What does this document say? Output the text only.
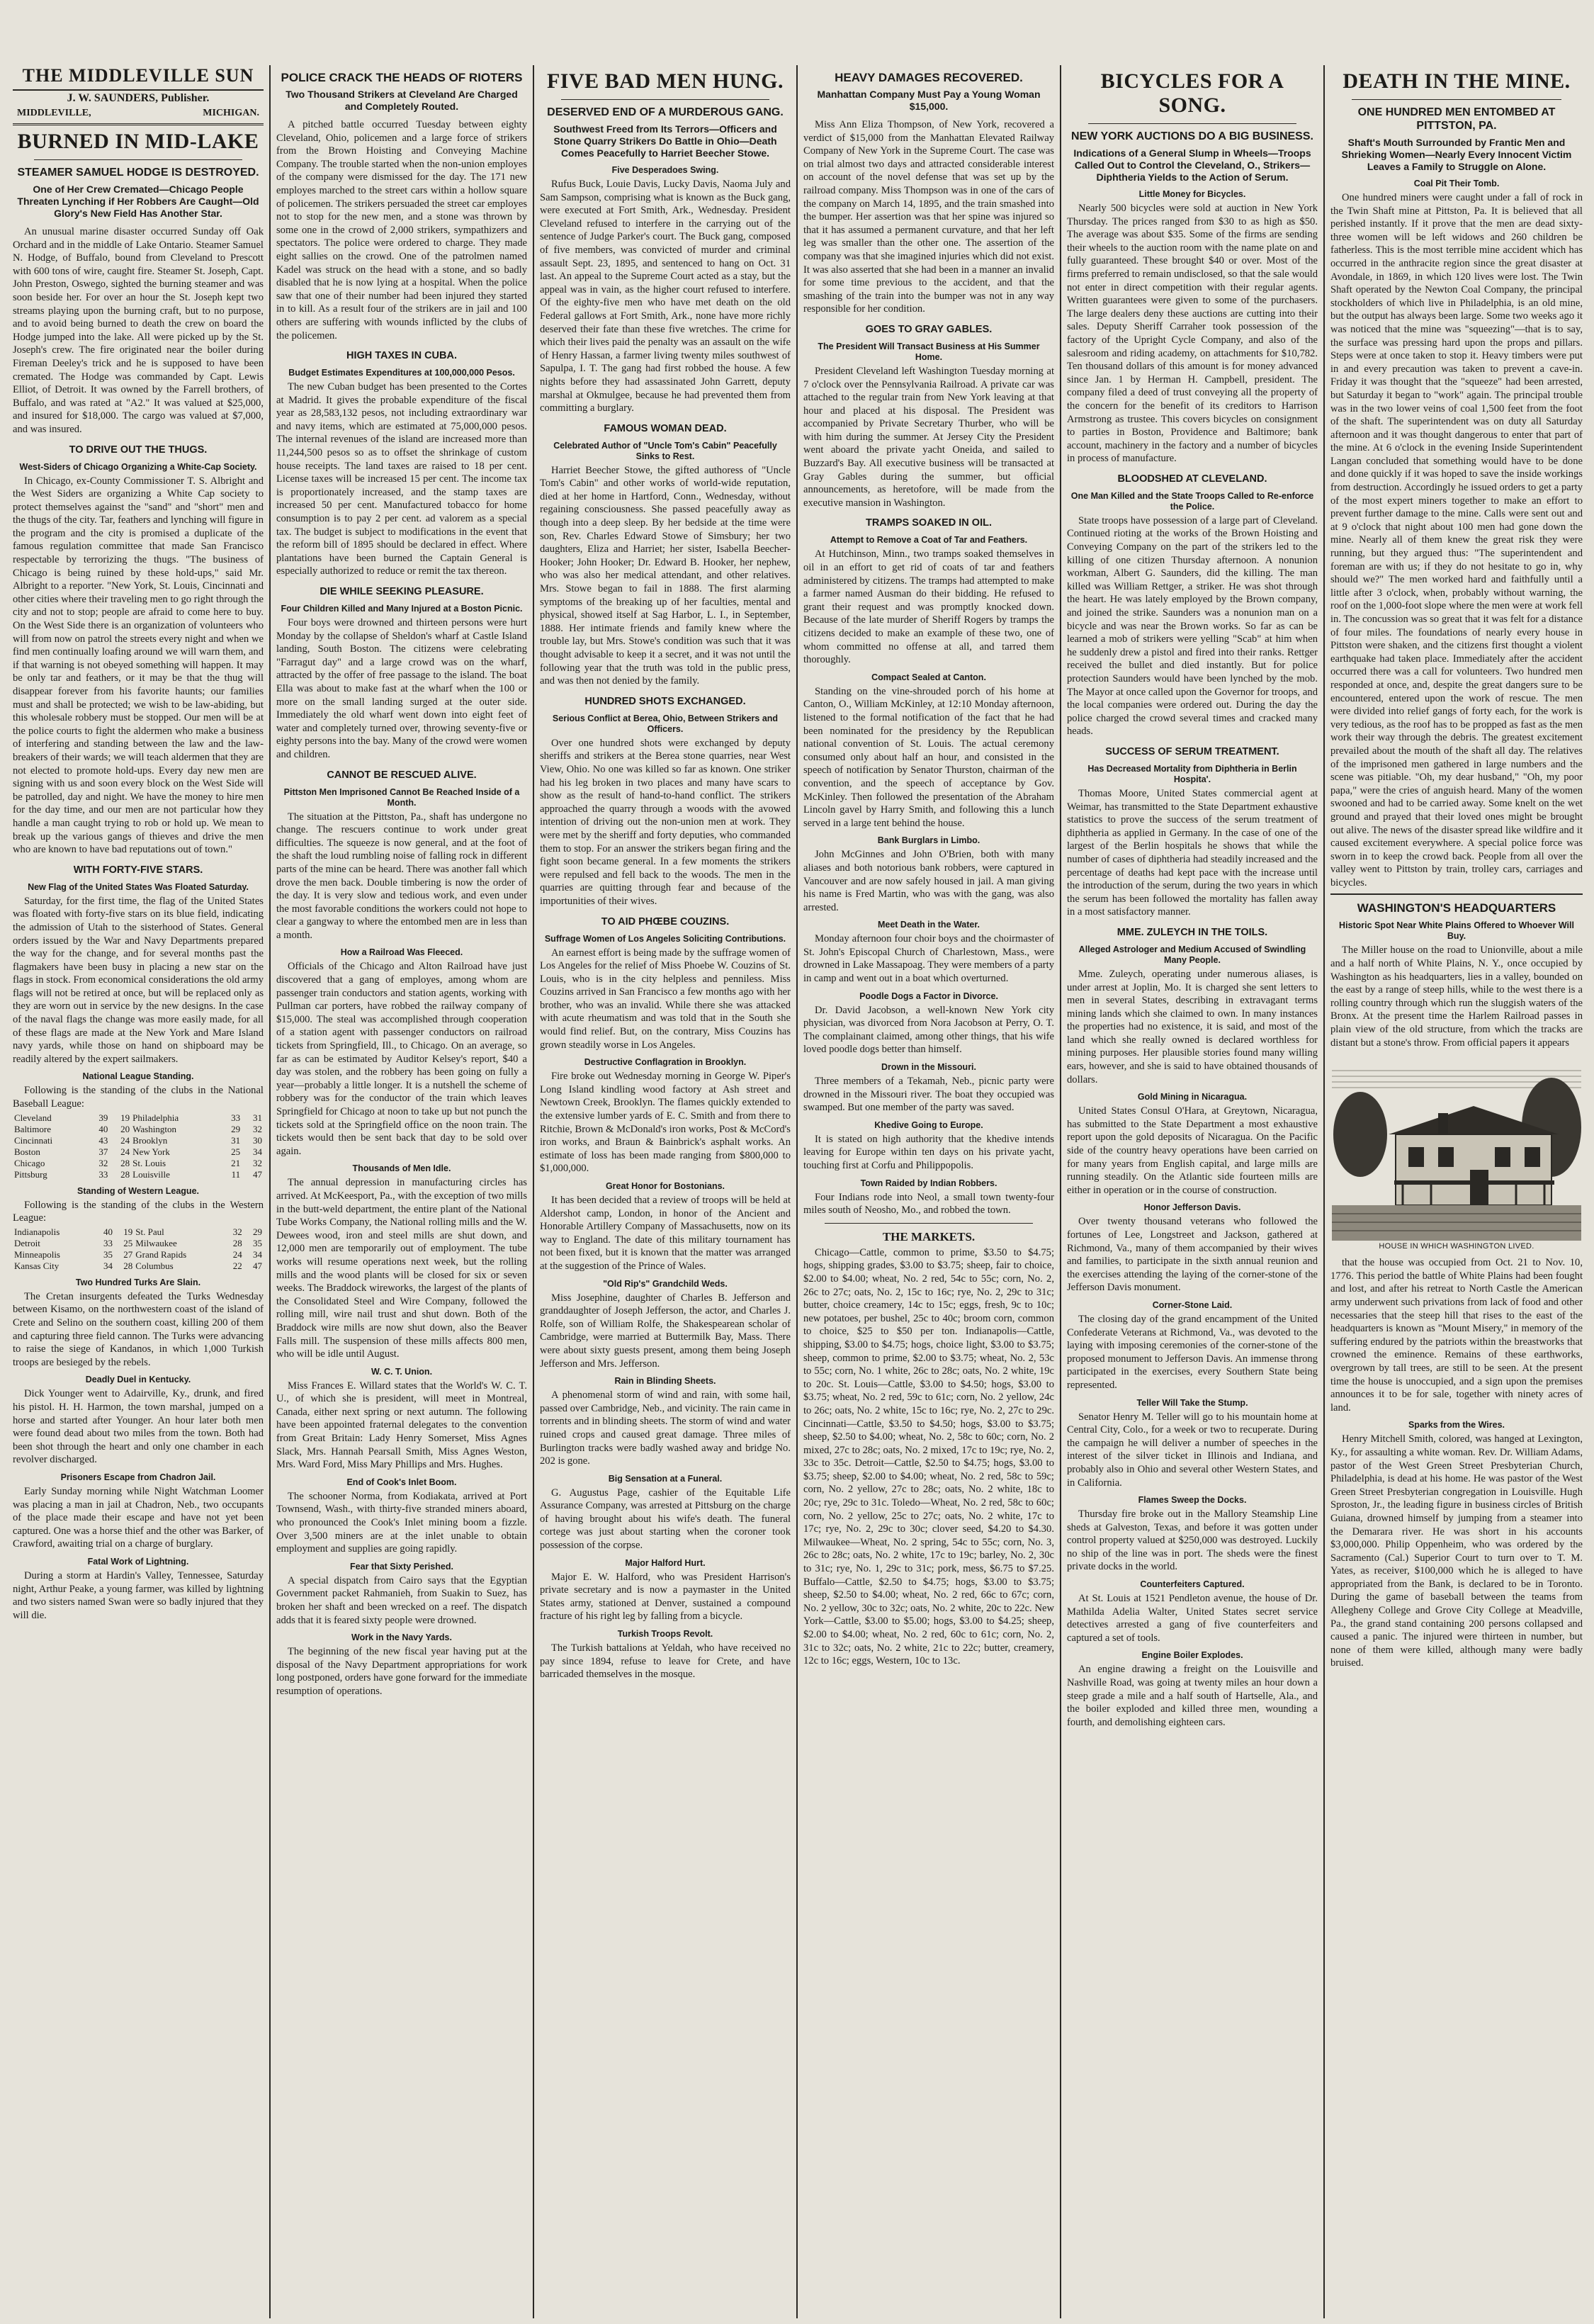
THE MIDDLEVILLE SUN
J. W. SAUNDERS, Publisher.
MIDDLEVILLE,	MICHIGAN.
BURNED IN MID-LAKE
STEAMER SAMUEL HODGE IS DESTROYED.

One of Her Crew Cremated—Chicago People Threaten Lynching if Her Robbers Are Caught—Old Glory's New Field Has Another Star.

An unusual marine disaster occurred Sunday off Oak Orchard and in the middle of Lake Ontario. Steamer Samuel N. Hodge, of Buffalo, bound from Cleveland to Prescott with 600 tons of wire, caught fire. Steamer St. Joseph, Capt. John Preston, Oswego, sighted the burning steamer and was soon beside her. For over an hour the St. Joseph kept two streams playing upon the burning craft, but to no purpose, and to avoid being burned to death the crew on board the Hodge jumped into the lake. All were picked up by the St. Joseph's crew. The fire originated near the boiler during Fireman Deeley's trick and he is supposed to have been cremated. The Hodge was commanded by Capt. Lewis Elliot, of Detroit. It was owned by the Farrell brothers, of Buffalo, and was rated at "A2." It was valued at $25,000, and insured for $18,000. The cargo was valued at $7,000, and was insured.

TO DRIVE OUT THE THUGS.
West-Siders of Chicago Organizing a White-Cap Society.

In Chicago, ex-County Commissioner T. S. Albright and the West Siders are organizing a White Cap society to protect themselves against the "sand" and "short" men and the thugs of the city. Tar, feathers and lynching will figure in the program and the city is promised a duplicate of the famous regulation committee that made San Francisco respectable by terrorizing the thugs. "The business of Chicago is being ruined by these hold-ups," said Mr. Albright to a reporter. "New York, St. Louis, Cincinnati and other cities where their traveling men to go right through the city and not to stop; people are afraid to come here to buy. On the West Side there is an organization of volunteers who will from now on patrol the streets every night and when we find men continually loafing around we will warn them, and if that warning is not obeyed something will happen. It may be only tar and feathers, or it may be that the thug will disappear forever from his favorite haunts; our families must and shall be protected; we wish to be law-abiding, but this wholesale robbery must be stopped. Our men will be at the police courts to fight the aldermen who make a business of interfering and standing between the law and the law-breakers of their wards; we will teach aldermen that they are not elected to promote hold-ups. Every day new men are signing with us and soon every block on the West Side will be patrolled, day and night. We have the money to hire men for the day time, and our men are not particular how they handle a man caught trying to rob or hold up. We mean to break up the various gangs of thieves and drive the men who are known to have bad reputations out of town."

WITH FORTY-FIVE STARS.
New Flag of the United States Was Floated Saturday.

Saturday, for the first time, the flag of the United States was floated with forty-five stars on its blue field, indicating the admission of Utah to the sisterhood of States. General orders issued by the War and Navy Departments prepared the way for the change, and for several months past the flagmakers have been busy in placing a new star on the flags in stock. From economical considerations the old army flags will not be retired at once, but will be replaced only as they are worn out in service by the new designs. In the case of the naval flags the change was more easily made, for all of these flags are made at the New York and Mare Island navy yards, while those on hand on shipboard may be readily altered by the expert sailmakers.

National League Standing.

Following is the standing of the clubs in the National Baseball League:

Cleveland	39	19	Philadelphia	33	31
Baltimore	40	20	Washington	29	32
Cincinnati	43	24	Brooklyn	31	30
Boston	37	24	New York	25	34
Chicago	32	28	St. Louis	21	32
Pittsburg	33	28	Louisville	11	47
Standing of Western League.

Following is the standing of the clubs in the Western League:

Indianapolis	40	19	St. Paul	32	29
Detroit	33	25	Milwaukee	28	35
Minneapolis	35	27	Grand Rapids	24	34
Kansas City	34	28	Columbus	22	47
Two Hundred Turks Are Slain.

The Cretan insurgents defeated the Turks Wednesday between Kisamo, on the northwestern coast of the island of Crete and Selino on the southern coast, killing 200 of them and capturing three field cannon. The Turks were advancing to raise the siege of Kandanos, in which 1,000 Turkish troops are besieged by the rebels.

Deadly Duel in Kentucky.

Dick Younger went to Adairville, Ky., drunk, and fired his pistol. H. H. Harmon, the town marshal, jumped on a horse and started after Younger. An hour later both men were found dead about two miles from the town. Both had been shot through the heart and only one chamber in each revolver discharged.

Prisoners Escape from Chadron Jail.

Early Sunday morning while Night Watchman Loomer was placing a man in jail at Chadron, Neb., two occupants of the place made their escape and have not yet been captured. One was a horse thief and the other was Barker, of Crawford, awaiting trial on a charge of burglary.

Fatal Work of Lightning.

During a storm at Hardin's Valley, Tennessee, Saturday night, Arthur Peake, a young farmer, was killed by lightning and two sisters named Swan were so badly injured that they will die.

POLICE CRACK THE HEADS OF RIOTERS

Two Thousand Strikers at Cleveland Are Charged and Completely Routed.

A pitched battle occurred Tuesday between eighty Cleveland, Ohio, policemen and a large force of strikers from the Brown Hoisting and Conveying Machine Company. The trouble started when the non-union employes of the company were dismissed for the day. The 171 new employes marched to the street cars within a hollow square of policemen. The strikers persuaded the street car employes not to stop for the new men, and a stone was thrown by some one in the crowd of 2,000 strikers, sympathizers and spectators. The police were ordered to charge. They made eight sallies on the crowd. One of the patrolmen named Kadel was struck on the head with a stone, and so badly disabled that he is now lying at a hospital. When the police saw that one of their number had been injured they started in to kill. As a result four of the strikers are in jail and 100 others are suffering with wounds inflicted by the clubs of the policemen.

HIGH TAXES IN CUBA.
Budget Estimates Expenditures at 100,000,000 Pesos.

The new Cuban budget has been presented to the Cortes at Madrid. It gives the probable expenditure of the fiscal year as 28,583,132 pesos, not including extraordinary war and navy items, which are estimated at 75,000,000 pesos. The internal revenues of the island are increased more than 11,244,500 pesos so as to offset the shrinkage of custom house receipts. The land taxes are raised to 18 per cent. License taxes will be increased 15 per cent. The income tax is proportionately increased, and the stamp taxes are increased 50 per cent. Manufactured tobacco for home consumption is to pay 2 per cent. ad valorem as a special tax. The budget is subject to modifications in the event that the reform bill of 1895 should be declared in effect. Where plantations have been burned the Captain General is especially authorized to reduce or remit the tax thereon.

DIE WHILE SEEKING PLEASURE.
Four Children Killed and Many Injured at a Boston Picnic.

Four boys were drowned and thirteen persons were hurt Monday by the collapse of Sheldon's wharf at Castle Island landing, South Boston. The citizens were celebrating "Farragut day" and a large crowd was on the wharf, attracted by the offer of free passage to the island. The boat Ella was about to make fast at the wharf when the 100 or more on the small landing surged at the outer side. Immediately the old wharf went down into eight feet of water and completely turned over, throwing seventy-five or eighty persons into the bay. Many of the crowd were women and children.

CANNOT BE RESCUED ALIVE.
Pittston Men Imprisoned Cannot Be Reached Inside of a Month.

The situation at the Pittston, Pa., shaft has undergone no change. The rescuers continue to work under great difficulties. The squeeze is now general, and at the foot of the shaft the loud rumbling noise of falling rock in different parts of the mine can be heard. There was another fall which drove the men back. Double timbering is now the order of the day. It is very slow and tedious work, and even under the most favorable conditions the workers could not hope to clear a gangway to where the entombed men are in less than a month.

How a Railroad Was Fleeced.

Officials of the Chicago and Alton Railroad have just discovered that a gang of employes, among whom are passenger train conductors and station agents, working with Pullman car porters, have robbed the railway company of $15,000. The steal was accomplished through cooperation of a station agent with passenger conductors on railroad tickets from Springfield, Ill., to Chicago. On an average, so far as can be estimated by Auditor Kelsey's report, $40 a day was stolen, and the robbery has been going on fully a year—probably a little longer. It is a nutshell the scheme of robbery was for the conductor of the train which leaves Springfield for Chicago at noon to take up but not punch the tickets sold at the Springfield office on the noon train. The tickets would then be sent back that day to be sold over again.

Thousands of Men Idle.

The annual depression in manufacturing circles has arrived. At McKeesport, Pa., with the exception of two mills in the butt-weld department, the entire plant of the National Tube Works Company, the National rolling mills and the W. Dewees wood, iron and steel mills are shut down, and 12,000 men are temporarily out of employment. The tube works will resume operations next week, but the rolling mills and the wood plants will be closed for six or seven weeks. The Braddock wireworks, the largest of the plants of the Consolidated Steel and Wire Company, followed the rolling mill, wire nail trust and shut down. Both of the Braddock wire mills are now shut down, also the Beaver Falls mill. The suspension of these mills affects 800 men, who will be idle until August.

W. C. T. Union.

Miss Frances E. Willard states that the World's W. C. T. U., of which she is president, will meet in Montreal, Canada, either next spring or next autumn. The following have been appointed fraternal delegates to the convention from Great Britain: Lady Henry Somerset, Miss Agnes Slack, Mrs. Hannah Pearsall Smith, Miss Agnes Weston, Mrs. Ward Ford, Miss Mary Phillips and Mrs. Hughes.

End of Cook's Inlet Boom.

The schooner Norma, from Kodiakata, arrived at Port Townsend, Wash., with thirty-five stranded miners aboard, who pronounced the Cook's Inlet mining boom a fizzle. Over 3,500 miners are at the inlet unable to obtain employment and supplies are going rapidly.

Fear that Sixty Perished.

A special dispatch from Cairo says that the Egyptian Government packet Rahmanieh, from Suakin to Suez, has broken her shaft and been wrecked on a reef. The dispatch adds that it is feared sixty people were drowned.

Work in the Navy Yards.

The beginning of the new fiscal year having put at the disposal of the Navy Department appropriations for work long postponed, orders have gone forward for the immediate resumption of operations.

FIVE BAD MEN HUNG.
DESERVED END OF A MURDEROUS GANG.

Southwest Freed from Its Terrors—Officers and Stone Quarry Strikers Do Battle in Ohio—Death Comes Peacefully to Harriet Beecher Stowe.

Five Desperadoes Swing.

Rufus Buck, Louie Davis, Lucky Davis, Naoma July and Sam Sampson, comprising what is known as the Buck gang, were executed at Fort Smith, Ark., Wednesday. President Cleveland refused to interfere in the carrying out of the sentence of Judge Parker's court. The Buck gang, composed of five members, was convicted of murder and criminal assault Sept. 23, 1895, and sentenced to hang on Oct. 31 last. An appeal to the Supreme Court acted as a stay, but the appeal was in vain, as the higher court refused to interfere. Of the eighty-five men who have met death on the old Federal gallows at Fort Smith, Ark., none have more richly deserved their fate than these five wretches. The crime for which their lives paid the penalty was an assault on the wife of Henry Hassan, a farmer living twenty miles southwest of Sapulpa, I. T. The gang had first robbed the house. A few nights before they had assassinated John Garrett, deputy marshal at Okmulgee, because he had prevented them from committing a burglary.

FAMOUS WOMAN DEAD.
Celebrated Author of "Uncle Tom's Cabin" Peacefully Sinks to Rest.

Harriet Beecher Stowe, the gifted authoress of "Uncle Tom's Cabin" and other works of world-wide reputation, died at her home in Hartford, Conn., Wednesday, without regaining consciousness. She passed peacefully away as though into a deep sleep. By her bedside at the time were son, Rev. Charles Edward Stowe of Simsbury; her two daughters, Eliza and Harriet; her sister, Isabella Beecher-Hooker; John Hooker; Dr. Edward B. Hooker, her nephew, who was also her medical attendant, and other relatives. Mrs. Stowe began to fail in 1888. The first alarming symptoms of the breaking up of her faculties, mental and physical, showed itself at Sag Harbor, L. I., in September, 1888. Her intimate friends and family knew where the trouble lay, but Mrs. Stowe's condition was such that it was thought advisable to keep it a secret, and it was not until the following year that the truth was told in the public press, and was then not denied by the family.

HUNDRED SHOTS EXCHANGED.
Serious Conflict at Berea, Ohio, Between Strikers and Officers.

Over one hundred shots were exchanged by deputy sheriffs and strikers at the Berea stone quarries, near West View, Ohio. No one was killed so far as known. One striker had his leg broken in two places and many have scars to show as the result of hand-to-hand conflict. The strikers approached the quarry through a woods with the avowed intention of driving out the non-union men at work. They were met by the sheriff and forty deputies, who commanded them to stop. For an answer the strikers began firing and the fight soon became general. In a few moments the strikers were repulsed and fell back to the woods. The men in the quarries are quitting through fear and because of the importunities of their wives.

TO AID PHŒBE COUZINS.
Suffrage Women of Los Angeles Soliciting Contributions.

An earnest effort is being made by the suffrage women of Los Angeles for the relief of Miss Phoebe W. Couzins of St. Louis, who is in the city helpless and penniless. Miss Couzins arrived in San Francisco a few months ago with her brother, who was an invalid. While there she was attacked with acute rheumatism and was told that in the South she would find relief. But, on the contrary, Miss Couzins has grown steadily worse in Los Angeles.

Destructive Conflagration in Brooklyn.

Fire broke out Wednesday morning in George W. Piper's Long Island kindling wood factory at Ash street and Newtown Creek, Brooklyn. The flames quickly extended to the extensive lumber yards of E. C. Smith and from there to Ritchie, Brown & McDonald's iron works, Post & McCord's iron works, and Braun & Bainbrick's asphalt works. An estimate of loss has been made ranging from $800,000 to $1,000,000.

Great Honor for Bostonians.

It has been decided that a review of troops will be held at Aldershot camp, London, in honor of the Ancient and Honorable Artillery Company of Massachusetts, now on its way to England. The date of this military tournament has not been fixed, but it is known that the matter was arranged at the suggestion of the Prince of Wales.

"Old Rip's" Grandchild Weds.

Miss Josephine, daughter of Charles B. Jefferson and granddaughter of Joseph Jefferson, the actor, and Charles J. Rolfe, son of William Rolfe, the Shakespearean scholar of Cambridge, were married at Buttermilk Bay, Mass. There were about sixty guests present, among them being Joseph Jefferson and Mrs. Jefferson.

Rain in Blinding Sheets.

A phenomenal storm of wind and rain, with some hail, passed over Cambridge, Neb., and vicinity. The rain came in torrents and in blinding sheets. The storm of wind and water ruined crops and caused great damage. Three miles of Burlington tracks were badly washed away and bridge No. 202 is gone.

Big Sensation at a Funeral.

G. Augustus Page, cashier of the Equitable Life Assurance Company, was arrested at Pittsburg on the charge of having brought about his wife's death. The funeral cortege was just about starting when the coroner took possession of the corpse.

Major Halford Hurt.

Major E. W. Halford, who was President Harrison's private secretary and is now a paymaster in the United States army, stationed at Denver, sustained a compound fracture of his right leg by falling from a bicycle.

Turkish Troops Revolt.

The Turkish battalions at Yeldah, who have received no pay since 1894, refuse to leave for Crete, and have barricaded themselves in the mosque.

HEAVY DAMAGES RECOVERED.

Manhattan Company Must Pay a Young Woman $15,000.

Miss Ann Eliza Thompson, of New York, recovered a verdict of $15,000 from the Manhattan Elevated Railway Company of New York in the Supreme Court. The case was on trial almost two days and attracted considerable interest on account of the novel defense that was set up by the railroad company. Miss Thompson was in one of the cars of the company on March 14, 1895, and the train smashed into the bumper. Her assertion was that her spine was injured so that it has assumed a permanent curvature, and that her left leg was smaller than the other one. The assertion of the company was that she imagined injuries which did not exist. It was also asserted that she had been in a manner an invalid for some time previous to the accident, and that the smashing of the train into the bumper was not in any way responsible for her condition.

GOES TO GRAY GABLES.
The President Will Transact Business at His Summer Home.

President Cleveland left Washington Tuesday morning at 7 o'clock over the Pennsylvania Railroad. A private car was attached to the regular train from New York leaving at that hour and placed at his disposal. The President was accompanied by Private Secretary Thurber, who will be with him during the summer. At Jersey City the President went aboard the private yacht Oneida, and sailed to Buzzard's Bay. All executive business will be transacted at Gray Gables during the summer, but official announcements, as heretofore, will be made from the executive mansion in Washington.

TRAMPS SOAKED IN OIL.
Attempt to Remove a Coat of Tar and Feathers.

At Hutchinson, Minn., two tramps soaked themselves in oil in an effort to get rid of coats of tar and feathers administered by citizens. The tramps had attempted to make a farmer named Ausman do their bidding. He refused to grant their request and was promptly knocked down. Because of the late murder of Sheriff Rogers by tramps the citizens decided to make an example of these two, one of whom committed no offense at all, and tarred them thoroughly.

Compact Sealed at Canton.

Standing on the vine-shrouded porch of his home at Canton, O., William McKinley, at 12:10 Monday afternoon, listened to the formal notification of the fact that he had been nominated for the presidency by the Republican national convention of St. Louis. The actual ceremony consumed only about half an hour, and consisted in the speech of notification by Senator Thurston, chairman of the convention, and the speech of acceptance by Gov. McKinley. Then followed the presentation of the Abraham Lincoln gavel by Harry Smith, and following this a lunch served in a large tent behind the house.

Bank Burglars in Limbo.

John McGinnes and John O'Brien, both with many aliases and both notorious bank robbers, were captured in Vancouver and are now safely housed in jail. A man giving his name is Fred Martin, who was with the gang, was also arrested.

Meet Death in the Water.

Monday afternoon four choir boys and the choirmaster of St. John's Episcopal Church of Charlestown, Mass., were drowned in Lake Massapoag. They were members of a party in camp and went out in a boat which overturned.

Poodle Dogs a Factor in Divorce.

Dr. David Jacobson, a well-known New York city physician, was divorced from Nora Jacobson at Perry, O. T. The complainant claimed, among other things, that his wife loved poodle dogs better than himself.

Drown in the Missouri.

Three members of a Tekamah, Neb., picnic party were drowned in the Missouri river. The boat they occupied was swamped. But one member of the party was saved.

Khedive Going to Europe.

It is stated on high authority that the khedive intends leaving for Europe within ten days on his private yacht, touching first at Corfu and Philippopolis.

Town Raided by Indian Robbers.

Four Indians rode into Neol, a small town twenty-four miles south of Neosho, Mo., and robbed the town.

THE MARKETS.

Chicago—Cattle, common to prime, $3.50 to $4.75; hogs, shipping grades, $3.00 to $3.75; sheep, fair to choice, $2.00 to $4.00; wheat, No. 2 red, 54c to 55c; corn, No. 2, 26c to 27c; oats, No. 2, 15c to 16c; rye, No. 2, 29c to 31c; butter, choice creamery, 14c to 15c; eggs, fresh, 9c to 10c; new potatoes, per bushel, 25c to 40c; broom corn, common to choice, $25 to $50 per ton. Indianapolis—Cattle, shipping, $3.00 to $4.75; hogs, choice light, $3.00 to $3.75; sheep, common to prime, $2.00 to $3.75; wheat, No. 2, 53c to 55c; corn, No. 1 white, 26c to 28c; oats, No. 2 white, 19c to 20c. St. Louis—Cattle, $3.00 to $4.50; hogs, $3.00 to $3.75; wheat, No. 2 red, 59c to 61c; corn, No. 2 yellow, 24c to 26c; oats, No. 2 white, 15c to 16c; rye, No. 2, 27c to 29c. Cincinnati—Cattle, $3.50 to $4.50; hogs, $3.00 to $3.75; sheep, $2.50 to $4.00; wheat, No. 2, 58c to 60c; corn, No. 2 mixed, 27c to 28c; oats, No. 2 mixed, 17c to 19c; rye, No. 2, 33c to 35c. Detroit—Cattle, $2.50 to $4.75; hogs, $3.00 to $3.75; sheep, $2.00 to $4.00; wheat, No. 2 red, 58c to 59c; corn, No. 2 yellow, 27c to 28c; oats, No. 2 white, 18c to 20c; rye, 29c to 31c. Toledo—Wheat, No. 2 red, 58c to 60c; corn, No. 2 yellow, 25c to 27c; oats, No. 2 white, 17c to 17c; rye, No. 2, 29c to 30c; clover seed, $4.20 to $4.30. Milwaukee—Wheat, No. 2 spring, 54c to 55c; corn, No. 3, 26c to 28c; oats, No. 2 white, 17c to 19c; barley, No. 2, 30c to 31c; rye, No. 1, 29c to 31c; pork, mess, $6.75 to $7.25. Buffalo—Cattle, $2.50 to $4.75; hogs, $3.00 to $3.75; sheep, $2.50 to $4.00; wheat, No. 2 red, 66c to 67c; corn, No. 2 yellow, 30c to 32c; oats, No. 2 white, 20c to 22c. New York—Cattle, $3.00 to $5.00; hogs, $3.00 to $4.25; sheep, $2.00 to $4.00; wheat, No. 2 red, 60c to 61c; corn, No. 2, 31c to 32c; oats, No. 2 white, 21c to 22c; butter, creamery, 12c to 16c; eggs, Western, 10c to 13c.

BICYCLES FOR A SONG.
NEW YORK AUCTIONS DO A BIG BUSINESS.

Indications of a General Slump in Wheels—Troops Called Out to Control the Cleveland, O., Strikers—Diphtheria Yields to the Action of Serum.

Little Money for Bicycles.

Nearly 500 bicycles were sold at auction in New York Thursday. The prices ranged from $30 to as high as $50. The average was about $35. Some of the firms are sending their wheels to the auction room with the name plate on and fully guaranteed. These brought $40 or over. Most of the firms preferred to remain undisclosed, so that the sale would not enter in direct competition with their regular agents. Written guarantees were given to some of the purchasers. The large dealers deny these auctions are cutting into their sales. Deputy Sheriff Carraher took possession of the factory of the Upright Cycle Company, and also of the salesroom and riding academy, on attachments for $10,782. Ten thousand dollars of this amount is for money advanced since Jan. 1 by Herman H. Campbell, president. The company filed a deed of trust conveying all the property of the concern for the benefit of its creditors to Harrison Armstrong as trustee. This covers bicycles on consignment to parties in Boston, Providence and Baltimore; bank account, machinery in the factory and a number of bicycles in process of manufacture.

BLOODSHED AT CLEVELAND.
One Man Killed and the State Troops Called to Re-enforce the Police.

State troops have possession of a large part of Cleveland. Continued rioting at the works of the Brown Hoisting and Conveying Company on the part of the strikers led to the killing of one citizen Thursday afternoon. A nonunion workman, Albert G. Saunders, did the killing. The man killed was William Rettger, a striker. He was shot through the heart. He was lately employed by the Brown company, and joined the strike. Saunders was a nonunion man on a bicycle and was near the Brown works. So far as can be learned a mob of strikers were yelling "Scab" at him when he suddenly drew a pistol and fired into their ranks. Rettger received the bullet and died instantly. But for police protection Saunders would have been lynched by the mob. The Mayor at once called upon the Governor for troops, and the local companies were ordered out. During the day the police charged the crowd several times and cracked many heads.

SUCCESS OF SERUM TREATMENT.
Has Decreased Mortality from Diphtheria in Berlin Hospita'.

Thomas Moore, United States commercial agent at Weimar, has transmitted to the State Department exhaustive statistics to prove the success of the serum treatment of diphtheria as applied in Germany. In the case of one of the largest of the Berlin hospitals he shows that while the number of cases of diphtheria had steadily increased and the percentage of deaths had kept pace with the increase until the introduction of the serum, during the two years in which the serum has been followed the mortality has fallen away in a most satisfactory manner.

MME. ZULEYCH IN THE TOILS.
Alleged Astrologer and Medium Accused of Swindling Many People.

Mme. Zuleych, operating under numerous aliases, is under arrest at Joplin, Mo. It is charged she sent letters to men in several States, describing in extravagant terms mining lands which she claimed to own. In many instances the properties had no existence, it is said, and most of the land which she really owned is declared worthless for mining purposes. Her plausible stories found many willing ears, however, and she is said to have obtained thousands of dollars.

Gold Mining in Nicaragua.

United States Consul O'Hara, at Greytown, Nicaragua, has submitted to the State Department a most exhaustive report upon the gold deposits of Nicaragua. On the Pacific side of the country heavy operations have been carried on for many years from English capital, and large mills are running steadily. On the Atlantic side fourteen mills are either in operation or in the course of construction.

Honor Jefferson Davis.

Over twenty thousand veterans who followed the fortunes of Lee, Longstreet and Jackson, gathered at Richmond, Va., many of them accompanied by their wives and families, to participate in the sixth annual reunion and the exercises attending the laying of the corner-stone of the Jefferson Davis monument.

Corner-Stone Laid.

The closing day of the grand encampment of the United Confederate Veterans at Richmond, Va., was devoted to the laying with imposing ceremonies of the corner-stone of the proposed monument to Jefferson Davis. An immense throng participated in the exercises, every Southern State being represented.

Teller Will Take the Stump.

Senator Henry M. Teller will go to his mountain home at Central City, Colo., for a week or two to recuperate. During the campaign he will deliver a number of speeches in the interest of the silver ticket in Illinois and Indiana, and probably also in Ohio and several other Western States, and in California.

Flames Sweep the Docks.

Thursday fire broke out in the Mallory Steamship Line sheds at Galveston, Texas, and before it was gotten under control property valued at $250,000 was destroyed. Luckily no ship of the line was in port. The sheds were the finest private docks in the world.

Counterfeiters Captured.

At St. Louis at 1521 Pendleton avenue, the house of Dr. Mathilda Adelia Walter, United States secret service detectives arrested a gang of five counterfeiters and captured a set of tools.

Engine Boiler Explodes.

An engine drawing a freight on the Louisville and Nashville Road, was going at twenty miles an hour down a steep grade a mile and a half south of Hartselle, Ala., and the boiler exploded and killed three men, wounding a fourth, and demolishing eighteen cars.

DEATH IN THE MINE.
ONE HUNDRED MEN ENTOMBED AT PITTSTON, PA.

Shaft's Mouth Surrounded by Frantic Men and Shrieking Women—Nearly Every Innocent Victim Leaves a Family to Struggle on Alone.

Coal Pit Their Tomb.

One hundred miners were caught under a fall of rock in the Twin Shaft mine at Pittston, Pa. It is believed that all perished instantly. If it prove that the men are dead sixty-three women will be left widows and 260 children be fatherless. This is the most terrible mine accident which has occurred in the anthracite region since the great disaster at Avondale, in 1869, in which 120 lives were lost. The Twin Shaft operated by the Newton Coal Company, the principal stockholders of which live in Philadelphia, is an old mine, but the output has always been large. Some two weeks ago it was noticed that the mine was "squeezing"—that is to say, the surface was pressing hard upon the props and pillars. Steps were at once taken to stop it. Heavy timbers were put in and every precaution was taken to prevent a cave-in. Friday it was thought that the "squeeze" had been arrested, but Saturday it began to "work" again. The principal trouble was in the two lower veins of coal 1,500 feet from the foot of the shaft. The superintendent was on duty all Saturday afternoon and it was thought dangerous to enter that part of the mine. At 6 o'clock in the evening Inside Superintendent Langan concluded that something would have to be done and done quickly if it was hoped to save the inside workings from destruction. Accordingly he issued orders to get a party of the most expert miners together to make an effort to prevent further damage to the mine. Calls were sent out and at 9 o'clock that night about 100 men had gone down the mine. Nearly all of them knew the great risk they were running, but they argued thus: "The superintendent and foreman are with us; if they do not hesitate to go in, why should we?" The men worked hard and faithfully until a little after 3 o'clock, when, probably without warning, the roof on the 1,000-foot slope where the men were at work fell in. The concussion was so great that it was felt for a distance of four miles. The foundations of nearly every house in Pittston were shaken, and the citizens first thought a violent earthquake had taken place. Immediately after the accident occurred there was a call for volunteers. Two hundred men responded at once, and, despite the great dangers sure to be encountered, entered upon the work of rescue. The men were divided into relief gangs of forty each, for the work is very tedious, as the roof has to be propped as fast as the men work their way through the debris. The greatest excitement prevailed about the mouth of the shaft all day. The relatives of the imprisoned men gathered in large numbers and the scene was pitiable. "Oh, my dear husband," "Oh, my poor papa," were the cries of anguish heard. Many of the women swooned and had to be carried away. Some knelt on the wet ground and prayed that their loved ones might be brought out alive. The news of the disaster spread like wildfire and it caused excitement everywhere. A special police force was sworn in to keep the crowd back. People from all over the valley went to Pittston by train, trolley cars, carriages and bicycles.

WASHINGTON'S HEADQUARTERS
Historic Spot Near White Plains Offered to Whoever Will Buy.

The Miller house on the road to Unionville, about a mile and a half north of White Plains, N. Y., once occupied by Washington as his headquarters, lies in a valley, bounded on the east by a range of steep hills, while to the west there is a rolling country through which run the sluggish waters of the Bronx. At the present time the Harlem Railroad passes in plain view of the old structure, from which the tracks are distant but a stone's throw. From official papers it appears

HOUSE IN WHICH WASHINGTON LIVED.

that the house was occupied from Oct. 21 to Nov. 10, 1776. This period the battle of White Plains had been fought and lost, and after his retreat to North Castle the American army underwent such privations from lack of food and other necessaries that the steep hill that rises to the east of the headquarters is known as "Mount Misery," in memory of the suffering endured by the patriots within the breastworks that crowned the eminence. Remains of these earthworks, overgrown by tall trees, are still to be seen. At the present time the house is unoccupied, and a sign upon the premises announces it to be for sale, together with ninety acres of land.

Sparks from the Wires.

Henry Mitchell Smith, colored, was hanged at Lexington, Ky., for assaulting a white woman. Rev. Dr. William Adams, pastor of the West Green Street Presbyterian Church, Philadelphia, is dead at his home. He was pastor of the West Green Street Presbyterian congregation in Louisville. Hugh Sproston, Jr., the leading figure in business circles of British Guiana, drowned himself by jumping from a steamer into the Demarara river. He was short in his accounts $3,000,000. Philip Oppenheim, who was ordered by the Sacramento (Cal.) Superior Court to turn over to T. M. Yates, as receiver, $100,000 which he is alleged to have appropriated from the Bank, is declared to be in Toronto. During the game of baseball between the teams from Allegheny College and Grove City College at Meadville, Pa., the grand stand containing 200 persons collapsed and caused a panic. The injured were thirteen in number, but none of them were killed, although many were badly bruised.
